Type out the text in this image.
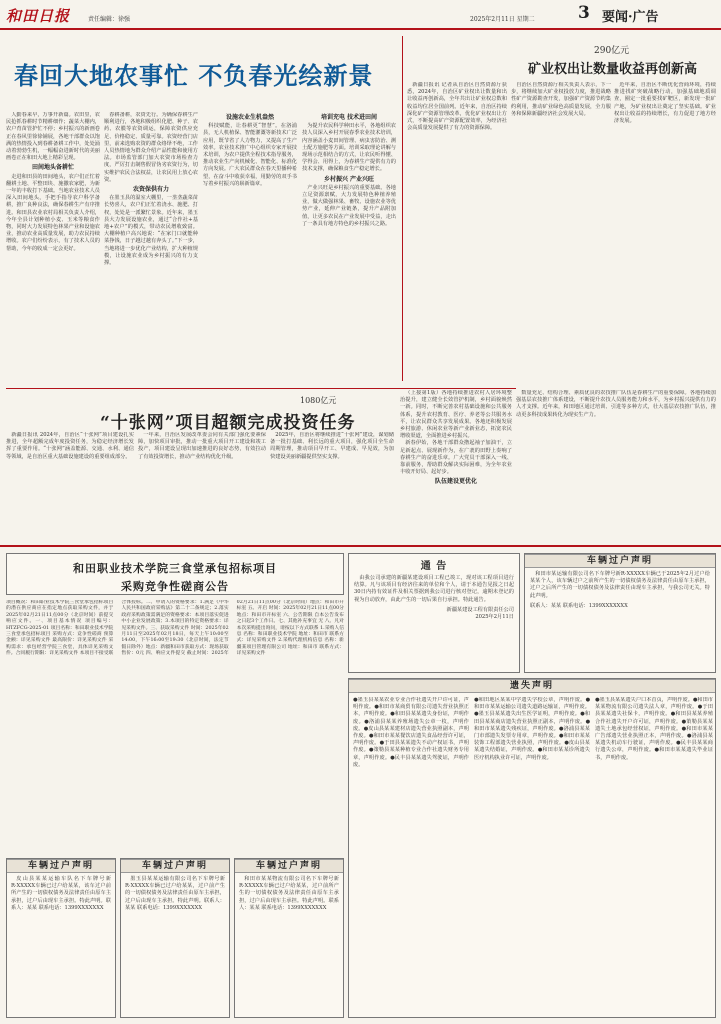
和田日报	责任编辑：徐强	2025年2月11日 星期二	3 要闻·广告
春回大地农事忙 不负春光绘新景

人勤春来早，万事开新篇。农田里，农民抢抓春耕时节精耕细作；蔬菜大棚内，农户育苗管护忙不停；乡村振兴的新画卷正在春风里徐徐铺展，各地干部群众以饱满的热情投入到春耕备耕工作中，处处涌动着勃勃生机，一幅幅奋进新时代的美丽画卷正在和田大地上精彩呈现。

田间地头备耕忙

走进和田县的田间地头，农户们正忙着翻耕土地、平整田块、施撒农家肥，为新一年的丰收打下基础。当地农业技术人员深入田间地头，手把手指导农户科学备耕，推广良种良法，确保春耕生产有序推进。和田县农业农村局相关负责人介绍，今年全县计划种植小麦、玉米等粮食作物，同时大力发展特色林果产业和设施农业，推动农业高质量发展，助力农民持续增收。农户们纷纷表示，有了技术人员的帮助，今年的收成一定会更好。

春耕备耕，农资先行。为确保春耕生产顺利进行，各地积极组织化肥、种子、农药、农膜等农资调运，保障农资供应充足、价格稳定、质量可靠。农资经营门店里，前来选购农资的群众络绎不绝，工作人员热情地为群众介绍产品性能和使用方法。市场监管部门加大农资市场检查力度，严厉打击制售假冒伪劣农资行为，切实维护农民合法权益，让农民用上放心农资。

农资保供有力

在墨玉县的温室大棚里，一垄垄蔬菜苗长势喜人，农户们正忙着浇水、施肥、打杈，处处是一派繁忙景象。近年来，墨玉县大力发展设施农业，通过“合作社+基地+农户”的模式，带动农民增收致富。大棚种植户高兴地说：“在家门口就能种菜挣钱，日子越过越有奔头了。”下一步，当地将进一步优化产业结构，扩大种植规模，让设施农业成为乡村振兴的有力支撑。

设施农业生机盎然

科技赋能，让春耕更“智慧”。在洛浦县，无人机植保、智能灌溉等新技术广泛应用，既节省了人力物力，又提高了生产效率。农业技术推广中心组织专家开展技术培训，为农户提供全程技术指导服务，推动农业生产向机械化、智能化、标准化方向发展。广大农民群众在春天里播种希望，在奋斗中收获幸福，用勤劳的双手书写着乡村振兴的崭新篇章。

培训充电 技术进田间

为提升农民科学种田水平，各地组织农技人员深入乡村开展春季农业技术培训，内容涵盖小麦田间管理、病虫害防治、测土配方施肥等方面。培训采取理论讲解与现场示范相结合的方式，让农民听得懂、学得会、用得上，为春耕生产提供有力的技术支撑，确保粮食生产稳定增长。

乡村振兴 产业兴旺

产业兴旺是乡村振兴的重要基础。各地立足资源禀赋，大力发展特色种植养殖业，做大做强林果、畜牧、设施农业等优势产业，延伸产业链条，提升产品附加值，让更多农民在产业发展中受益，走出了一条具有地方特色的乡村振兴之路。

290亿元
矿业权出让数量收益再创新高

新疆日报讯 记者从自治区自然资源厅获悉，2024年，自治区矿业权出让数量和出让收益再创新高，全年共出让矿业权总数和收益均位居全国前列。近年来，自治区持续深化矿产资源管理改革，优化矿业权出让方式，不断提高矿产资源配置效率，为经济社会高质量发展提供了有力的资源保障。

自治区自然资源厅相关负责人表示，下一步，将继续加大矿业权投放力度，推进战略性矿产资源勘查开发，加强矿产资源节约集约利用，推动矿业绿色高质量发展，全力服务和保障新疆经济社会发展大局。

近年来，自治区不断优化营商环境，持续推进找矿突破战略行动，加强基础地质调查，圈定一批重要找矿靶区，新发现一批矿产地，为矿业权出让奠定了坚实基础。矿业权出让收益的持续增长，有力促进了地方经济发展。

1080亿元
“十张网”项目超额完成投资任务

新疆日报讯 2024年，自治区“十张网”项目建设扎实推进，全年超额完成年度投资任务，为稳定经济增长发挥了重要作用。“十张网”涵盖能源、交通、水利、通信等领域，是自治区重大基础设施建设的重要组成部分。

一年来，自治区发展改革委会同有关部门强化要素保障，加快项目审批，推动一批重大项目开工建设和竣工投产，项目建设呈现出加速推进的良好态势，有效拉动了有效投资增长，推动产业结构优化升级。

2025年，自治区将继续推进“十张网”建设，谋划储备一批打基础、利长远的重大项目，强化项目全生命周期管理，推动项目早开工、早建成、早见效，为加快建设美丽新疆提供坚实支撑。

（上接第1版）各地持续推进农村人居环境整治提升，建立健全长效管护机制，乡村面貌焕然一新。同时，不断完善农村基础设施和公共服务体系，提升农村教育、医疗、养老等公共服务水平，让农民群众共享发展成果。各地还积极发展乡村旅游、休闲农业等新产业新业态，拓宽农民增收渠道，全面推进乡村振兴。

新春伊始，各地干部群众撸起袖子加油干，立足新起点、展现新作为，在广袤的田野上奏响了春耕生产的奋进乐章。广大党员干部深入一线、靠前服务，帮助群众解决实际困难，为全年农业丰收开好局、起好步。

队伍建设更优化

数量充足、结构合理、素质优良的农技推广队伍是春耕生产的重要保障。各地持续加强基层农技推广体系建设，不断提升农技人员服务能力和水平，为乡村振兴提供有力的人才支撑。近年来，和田地区通过培训、引进等多种方式，壮大基层农技推广队伍，推动更多科技成果转化为现实生产力。

和田职业技术学院三食堂承包招标项目
采购竞争性磋商公告
项目概况：和田职业技术学院三食堂承包招标项目的潜在供应商应在指定地点获取采购文件，并于2025年02月21日11点00分（北京时间）前提交响应文件。一、项目基本情况 项目编号：HTZFCG-2025-01 项目名称：和田职业技术学院三食堂承包招标项目 采购方式：竞争性磋商 预算金额：详见采购文件 最高限价：详见采购文件 采购需求：承包经营学院三食堂，具体详见采购文件。合同履行期限：详见采购文件 本项目不接受联合体投标。二、申请人的资格要求：1.满足《中华人民共和国政府采购法》第二十二条规定；2.落实政府采购政策需满足的资格要求：本项目落实促进中小企业发展政策；3.本项目的特定资格要求：详见采购文件。三、获取采购文件 时间：2025年02月11日至2025年02月18日，每天上午10:00至14:00，下午16:00至19:30（北京时间，法定节假日除外）地点：新疆和田市获取方式：现场获取 售价：0元 四、响应文件提交 截止时间：2025年02月21日11点00分（北京时间）地点：和田市开标室 五、开启 时间：2025年02月21日11点00分 地点：和田市开标室 六、公告期限 自本公告发布之日起3个工作日。七、其他补充事宜 无 八、凡对本次采购提出询问，请按以下方式联系 1.采购人信息 名称：和田职业技术学院 地址：和田市 联系方式：详见采购文件 2.采购代理机构信息 名称：新疆某项目管理有限公司 地址：和田市 联系方式：详见采购文件
通 告

由我公司承建的新疆某建设项目工程已竣工，现对该工程项目进行结算。凡与该项目有经济往来的单位和个人，请于本通告见报之日起30日内持有效证件及相关票据到我公司进行核对登记，逾期未登记的视为自动放弃，由此产生的一切后果自行承担。特此通告。

新疆某建设工程有限责任公司
2025年2月11日
车辆过户声明

和田市某运输有限公司名下车牌号新R·XXXXX车辆已于2025年2月过户给某某个人，该车辆过户之前所产生的一切债权债务及法律责任由原车主承担，过户之后所产生的一切债权债务及法律责任由现车主承担，与我公司无关。特此声明。

联系人：某某 联系电话：1399XXXXXXX
遗失声明
●墨玉县某某农业专业合作社遗失开户许可证，声明作废。●和田市某商贸有限公司遗失营业执照正本，声明作废。●和田县某某遗失身份证，声明作废。●洛浦县某某养殖场遗失公章一枚，声明作废。●皮山县某某建材店遗失营业执照副本，声明作废。●和田市某某餐饮店遗失食品经营许可证，声明作废。●于田县某某遗失不动产权证书，声明作废。●策勒县某某种植专业合作社遗失财务专用章，声明作废。●民丰县某某遗失驾驶证，声明作废。
●和田地区某某中学遗失学校公章，声明作废。●和田市某某运输公司遗失道路运输证，声明作废。●墨玉县某某遗失出生医学证明，声明作废。●和田县某某商店遗失营业执照正副本，声明作废。●和田市某某遗失残疾证，声明作废。●洛浦县某某门市部遗失发票专用章，声明作废。●和田市某某装饰工程部遗失营业执照，声明作废。●皮山县某某遗失结婚证，声明作废。●和田市某某诊所遗失医疗机构执业许可证，声明作废。
●墨玉县某某遗失户口本首页，声明作废。●和田市某某物流有限公司遗失法人章，声明作废。●于田县某某遗失社保卡，声明作废。●和田县某某养殖合作社遗失开户许可证，声明作废。●策勒县某某遗失土地承包经营权证，声明作废。●和田市某某广告部遗失营业执照正本，声明作废。●洛浦县某某遗失机动车行驶证，声明作废。●民丰县某某商行遗失公章，声明作废。●和田市某某遗失毕业证书，声明作废。
车辆过户声明

皮山县某某运输车队名下车牌号新R·XXXXX车辆已过户给某某，该车过户前所产生的一切债权债务及法律责任由原车主承担，过户后由现车主承担。特此声明。联系人：某某 联系电话：1399XXXXXXX

车辆过户声明

墨玉县某某运输有限公司名下车牌号新R·XXXXX车辆已过户给某某，过户前产生的一切债权债务及法律责任由原车主承担，过户后由现车主承担。特此声明。联系人：某某 联系电话：1399XXXXXXX

车辆过户声明

和田市某某物流有限公司名下车牌号新R·XXXXX车辆已过户给某某，过户前所产生的一切债权债务及法律责任由原车主承担，过户后由现车主承担。特此声明。联系人：某某 联系电话：1399XXXXXXX
